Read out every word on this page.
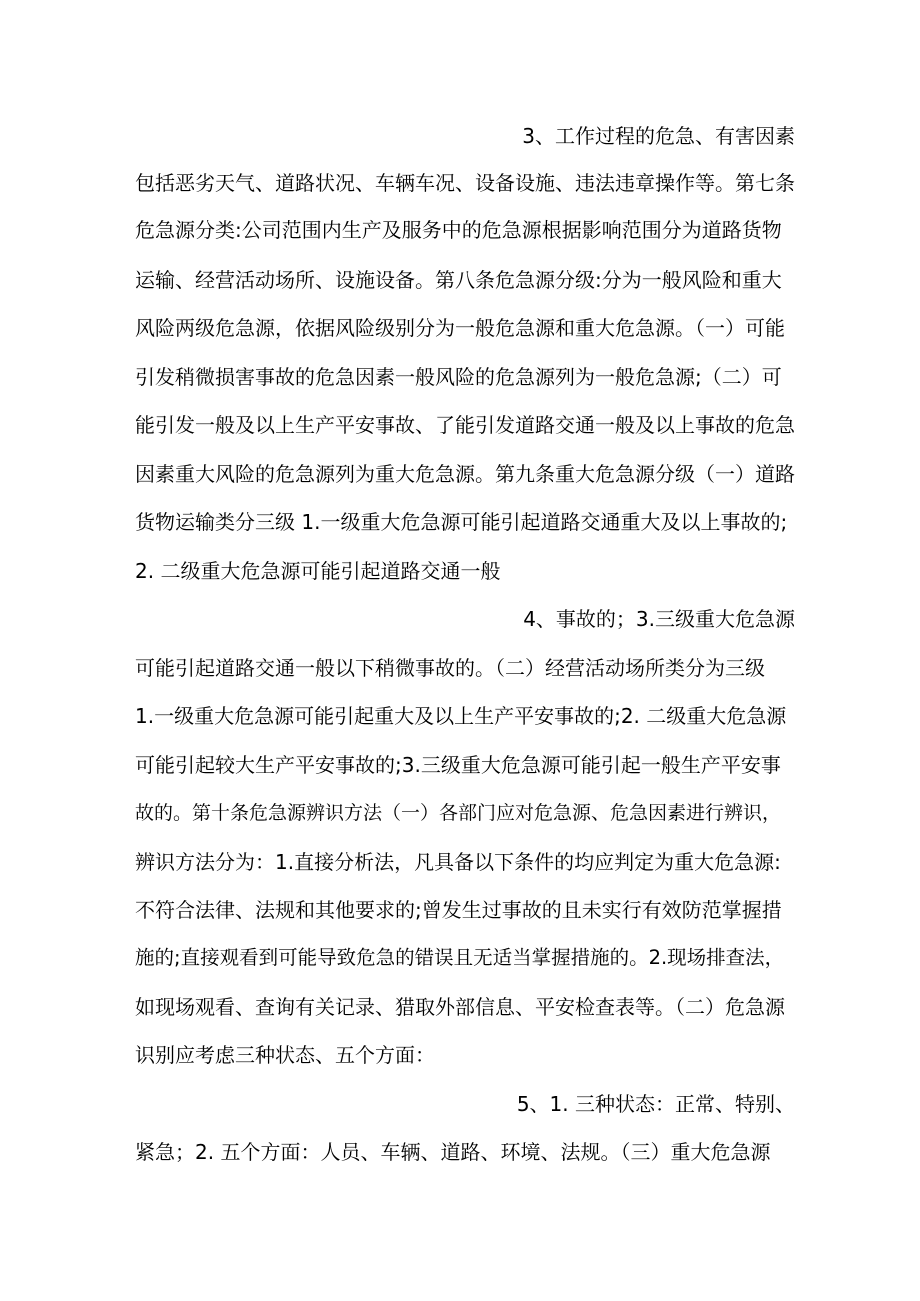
3、工作过程的危急、有害因素
包括恶劣天气、道路状况、车辆车况、设备设施、违法违章操作等。第七条
危急源分类:公司范围内生产及服务中的危急源根据影响范围分为道路货物
运输、经营活动场所、设施设备。第八条危急源分级:分为一般风险和重大
风险两级危急源，依据风险级别分为一般危急源和重大危急源。（一）可能
引发稍微损害事故的危急因素一般风险的危急源列为一般危急源;（二）可
能引发一般及以上生产平安事故、了能引发道路交通一般及以上事故的危急
因素重大风险的危急源列为重大危急源。第九条重大危急源分级（一）道路
货物运输类分三级 1.一级重大危急源可能引起道路交通重大及以上事故的;
2. 二级重大危急源可能引起道路交通一般
4、事故的；3.三级重大危急源
可能引起道路交通一般以下稍微事故的。（二）经营活动场所类分为三级
1.一级重大危急源可能引起重大及以上生产平安事故的;2. 二级重大危急源
可能引起较大生产平安事故的;3.三级重大危急源可能引起一般生产平安事
故的。第十条危急源辨识方法（一）各部门应对危急源、危急因素进行辨识，
辨识方法分为：1.直接分析法，凡具备以下条件的均应判定为重大危急源:
不符合法律、法规和其他要求的;曾发生过事故的且未实行有效防范掌握措
施的;直接观看到可能导致危急的错误且无适当掌握措施的。2.现场排查法，
如现场观看、查询有关记录、猎取外部信息、平安检查表等。（二）危急源
识别应考虑三种状态、五个方面：
5、1. 三种状态：正常、特别、
紧急；2. 五个方面：人员、车辆、道路、环境、法规。（三）重大危急源
